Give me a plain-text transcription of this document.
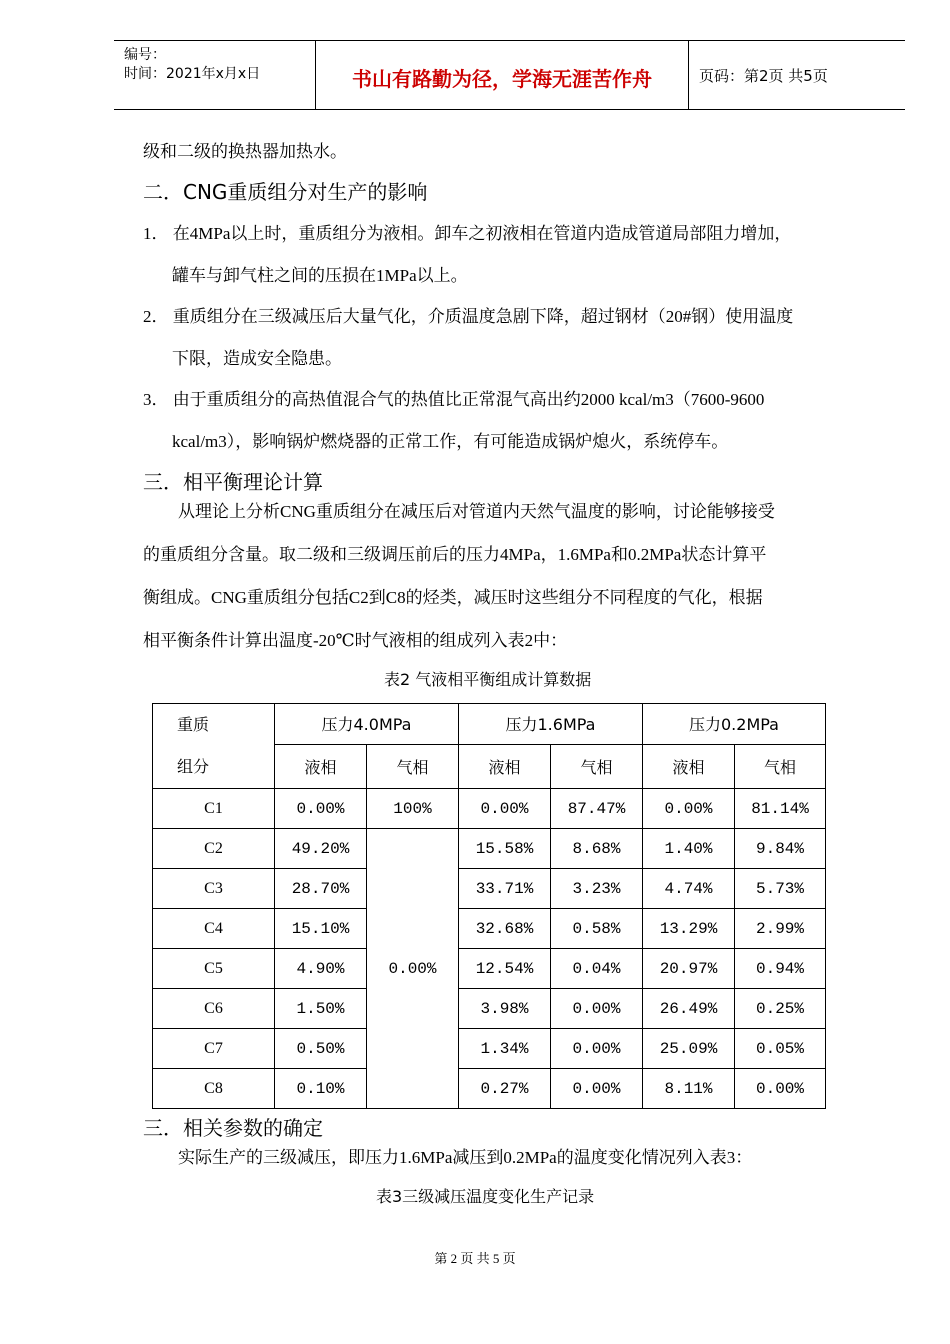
编号：
时间：2021年x月x日	书山有路勤为径，学海无涯苦作舟	页码：第2页 共5页
级和二级的换热器加热水。
二．CNG重质组分对生产的影响
1． 在4MPa以上时，重质组分为液相。卸车之初液相在管道内造成管道局部阻力增加，
罐车与卸气柱之间的压损在1MPa以上。
2． 重质组分在三级减压后大量气化，介质温度急剧下降，超过钢材（20#钢）使用温度
下限，造成安全隐患。
3． 由于重质组分的高热值混合气的热值比正常混气高出约2000 kcal/m3（7600-9600
kcal/m3），影响锅炉燃烧器的正常工作，有可能造成锅炉熄火，系统停车。
三．相平衡理论计算
从理论上分析CNG重质组分在减压后对管道内天然气温度的影响，讨论能够接受
的重质组分含量。取二级和三级调压前后的压力4MPa，1.6MPa和0.2MPa状态计算平
衡组成。CNG重质组分包括C2到C8的烃类，减压时这些组分不同程度的气化，根据
相平衡条件计算出温度-20℃时气液相的组成列入表2中：
表2 气液相平衡组成计算数据
重质
组分	压力4.0MPa		压力1.6MPa		压力0.2MPa	
	液相	气相	液相	气相	液相	气相
C1	0.00%	100%	0.00%	87.47%	0.00%	81.14%
C2	49.20%	0.00%	15.58%	8.68%	1.40%	9.84%
C3	28.70%		33.71%	3.23%	4.74%	5.73%
C4	15.10%		32.68%	0.58%	13.29%	2.99%
C5	4.90%		12.54%	0.04%	20.97%	0.94%
C6	1.50%		3.98%	0.00%	26.49%	0.25%
C7	0.50%		1.34%	0.00%	25.09%	0.05%
C8	0.10%		0.27%	0.00%	8.11%	0.00%
三．相关参数的确定
实际生产的三级减压，即压力1.6MPa减压到0.2MPa的温度变化情况列入表3：
表3三级减压温度变化生产记录
第 2 页 共 5 页
